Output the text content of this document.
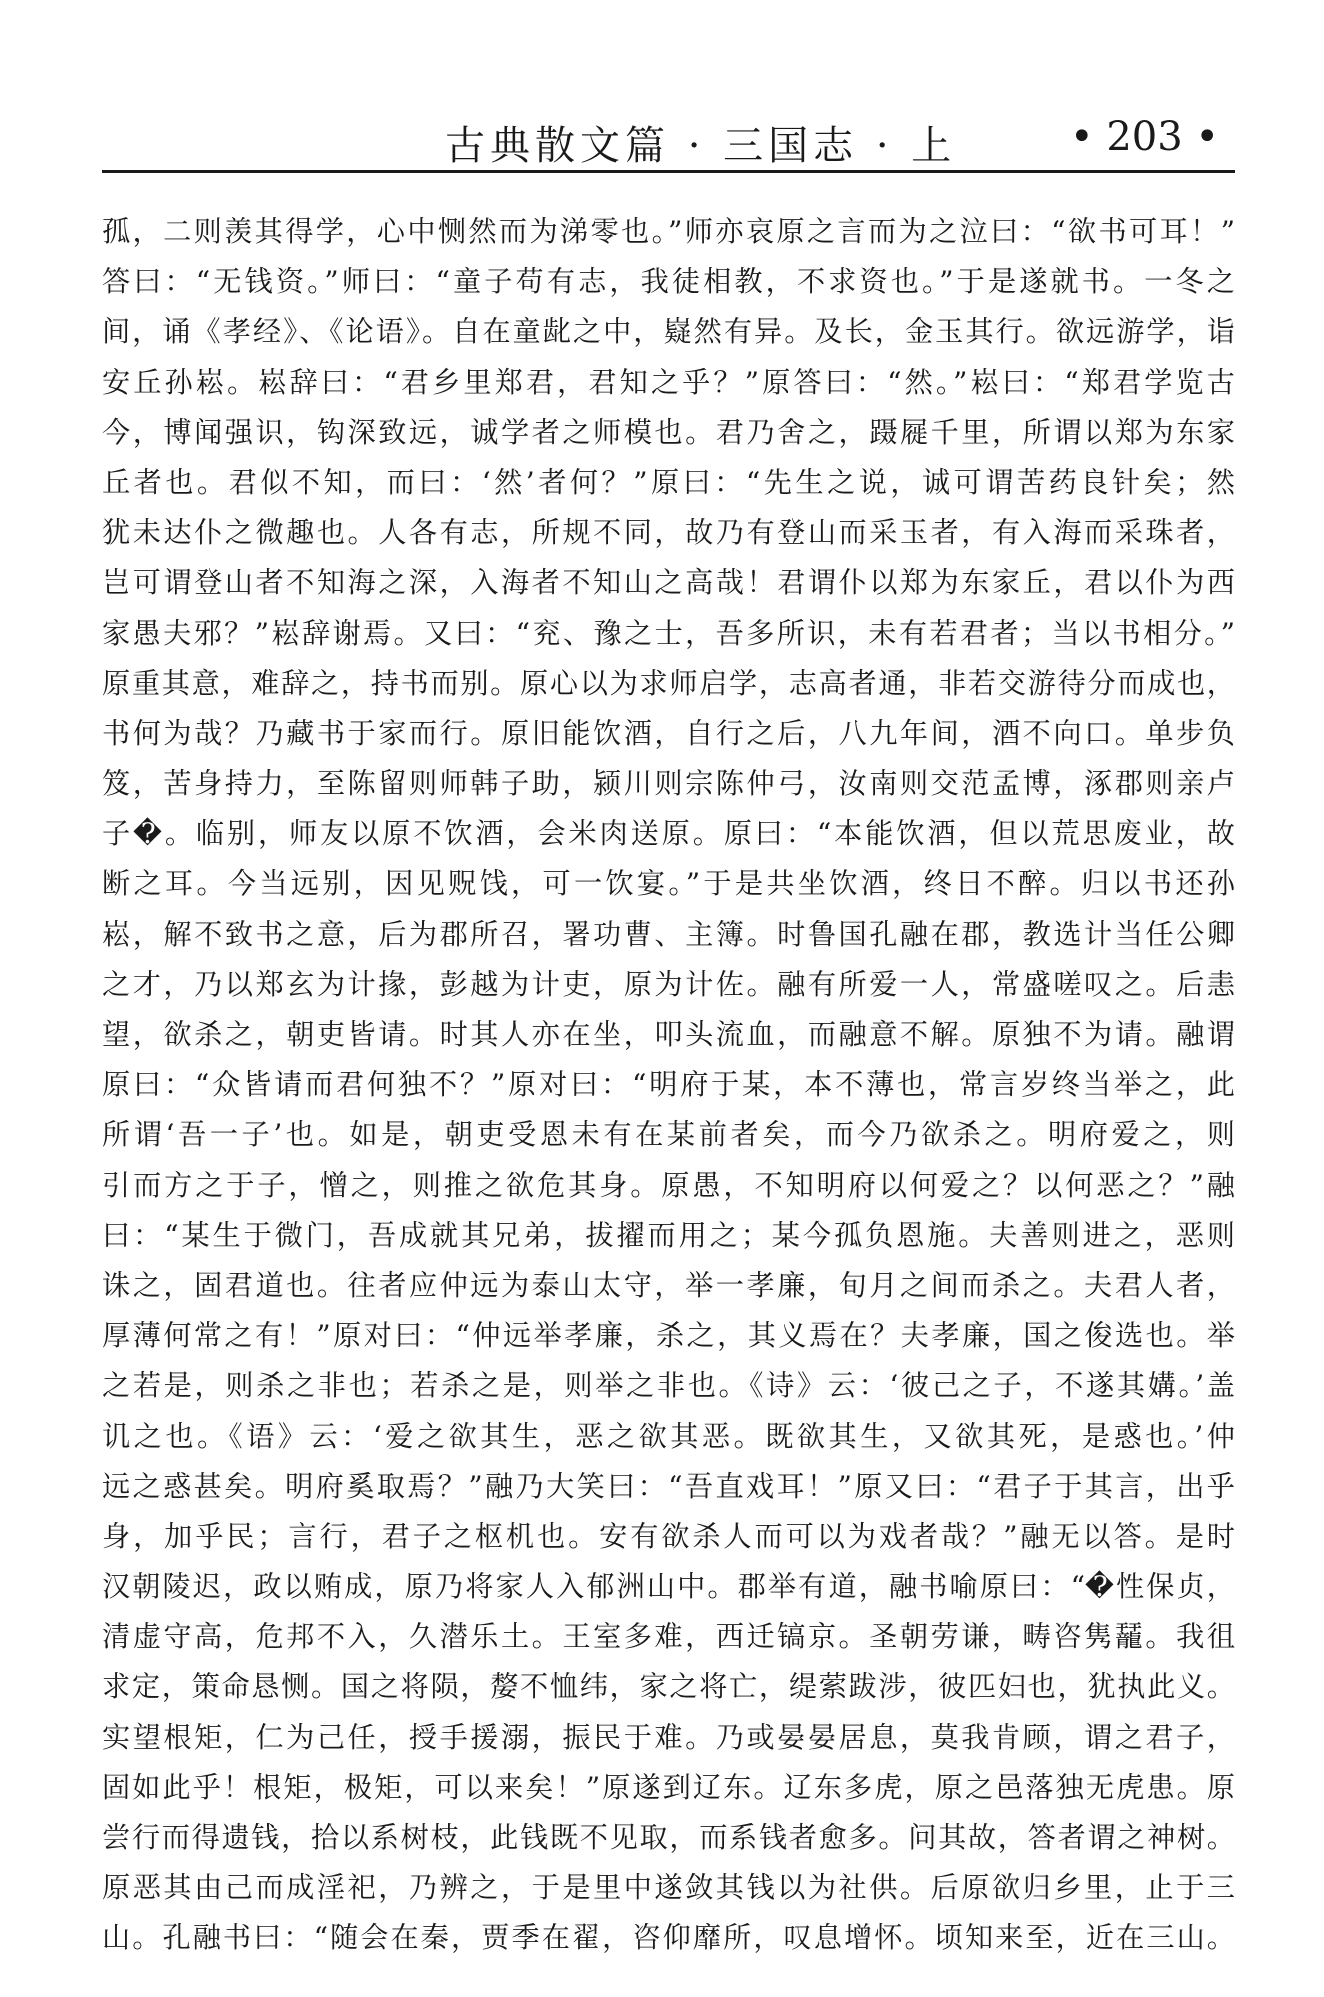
古典散文篇 · 三国志 · 上	• 203 •
孤，二则羡其得学，心中恻然而为涕零也。”师亦哀原之言而为之泣曰：“欲书可耳！”
答曰：“无钱资。”师曰：“童子苟有志，我徒相教，不求资也。”于是遂就书。一冬之
间，诵《孝经》、《论语》。自在童龀之中，嶷然有异。及长，金玉其行。欲远游学，诣
安丘孙崧。崧辞曰：“君乡里郑君，君知之乎？”原答曰：“然。”崧曰：“郑君学览古
今，博闻强识，钩深致远，诚学者之师模也。君乃舍之，蹑屣千里，所谓以郑为东家
丘者也。君似不知，而曰：‘然’者何？”原曰：“先生之说，诚可谓苦药良针矣；然
犹未达仆之微趣也。人各有志，所规不同，故乃有登山而采玉者，有入海而采珠者，
岂可谓登山者不知海之深，入海者不知山之高哉！君谓仆以郑为东家丘，君以仆为西
家愚夫邪？”崧辞谢焉。又曰：“兖、豫之士，吾多所识，未有若君者；当以书相分。”
原重其意，难辞之，持书而别。原心以为求师启学，志高者通，非若交游待分而成也，
书何为哉？乃藏书于家而行。原旧能饮酒，自行之后，八九年间，酒不向口。单步负
笈，苦身持力，至陈留则师韩子助，颍川则宗陈仲弓，汝南则交范孟博，涿郡则亲卢
子�。临别，师友以原不饮酒，会米肉送原。原曰：“本能饮酒，但以荒思废业，故
断之耳。今当远别，因见贶饯，可一饮宴。”于是共坐饮酒，终日不醉。归以书还孙
崧，解不致书之意，后为郡所召，署功曹、主簿。时鲁国孔融在郡，教选计当任公卿
之才，乃以郑玄为计掾，彭越为计吏，原为计佐。融有所爱一人，常盛嗟叹之。后恚
望，欲杀之，朝吏皆请。时其人亦在坐，叩头流血，而融意不解。原独不为请。融谓
原曰：“众皆请而君何独不？”原对曰：“明府于某，本不薄也，常言岁终当举之，此
所谓‘吾一子’也。如是，朝吏受恩未有在某前者矣，而今乃欲杀之。明府爱之，则
引而方之于子，憎之，则推之欲危其身。原愚，不知明府以何爱之？以何恶之？”融
曰：“某生于微门，吾成就其兄弟，拔擢而用之；某今孤负恩施。夫善则进之，恶则
诛之，固君道也。往者应仲远为泰山太守，举一孝廉，旬月之间而杀之。夫君人者，
厚薄何常之有！”原对曰：“仲远举孝廉，杀之，其义焉在？夫孝廉，国之俊选也。举
之若是，则杀之非也；若杀之是，则举之非也。《诗》云：‘彼己之子，不遂其媾。’盖
讥之也。《语》云：‘爱之欲其生，恶之欲其恶。既欲其生，又欲其死，是惑也。’仲
远之惑甚矣。明府奚取焉？”融乃大笑曰：“吾直戏耳！”原又曰：“君子于其言，出乎
身，加乎民；言行，君子之枢机也。安有欲杀人而可以为戏者哉？”融无以答。是时
汉朝陵迟，政以贿成，原乃将家人入郁洲山中。郡举有道，融书喻原曰：“�性保贞，
清虚守高，危邦不入，久潜乐土。王室多难，西迁镐京。圣朝劳谦，畴咨隽䶬。我徂
求定，策命恳恻。国之将陨，嫠不恤纬，家之将亡，缇萦跋涉，彼匹妇也，犹执此义。
实望根矩，仁为己任，授手援溺，振民于难。乃或晏晏居息，莫我肯顾，谓之君子，
固如此乎！根矩，极矩，可以来矣！”原遂到辽东。辽东多虎，原之邑落独无虎患。原
尝行而得遗钱，拾以系树枝，此钱既不见取，而系钱者愈多。问其故，答者谓之神树。
原恶其由己而成淫祀，乃辨之，于是里中遂敛其钱以为社供。后原欲归乡里，止于三
山。孔融书曰：“随会在秦，贾季在翟，咨仰靡所，叹息增怀。顷知来至，近在三山。
